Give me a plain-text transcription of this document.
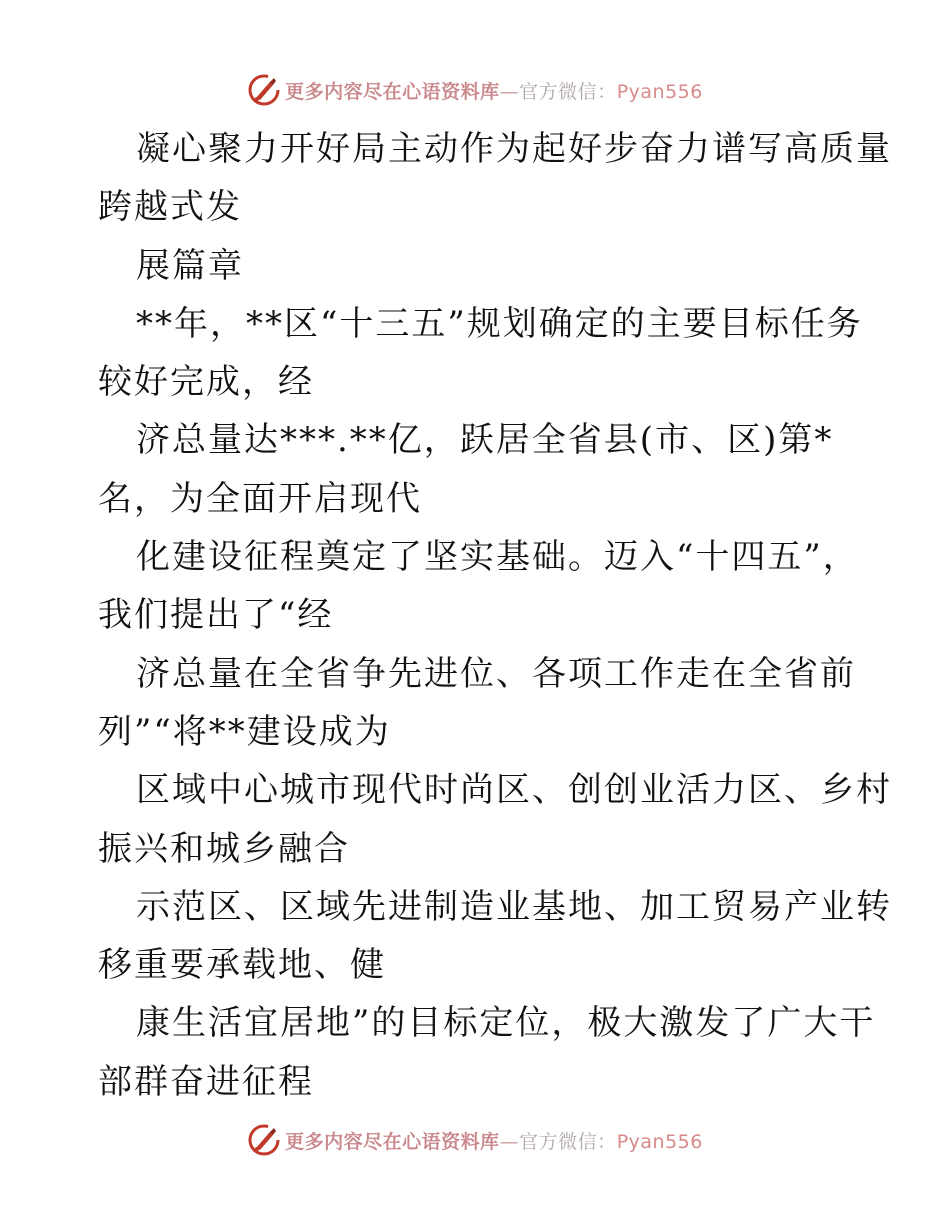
更多内容尽在心语资料库—官方微信：Pyan556
凝心聚力开好局主动作为起好步奋力谱写高质量
跨越式发
展篇章
**年，**区“十三五”规划确定的主要目标任务
较好完成，经
济总量达***.**亿，跃居全省县(市、区)第*
名，为全面开启现代
化建设征程奠定了坚实基础。迈入“十四五”，
我们提出了“经
济总量在全省争先进位、各项工作走在全省前
列”“将**建设成为
区域中心城市现代时尚区、创创业活力区、乡村
振兴和城乡融合
示范区、区域先进制造业基地、加工贸易产业转
移重要承载地、健
康生活宜居地”的目标定位，极大激发了广大干
部群奋进征程
更多内容尽在心语资料库—官方微信：Pyan556
